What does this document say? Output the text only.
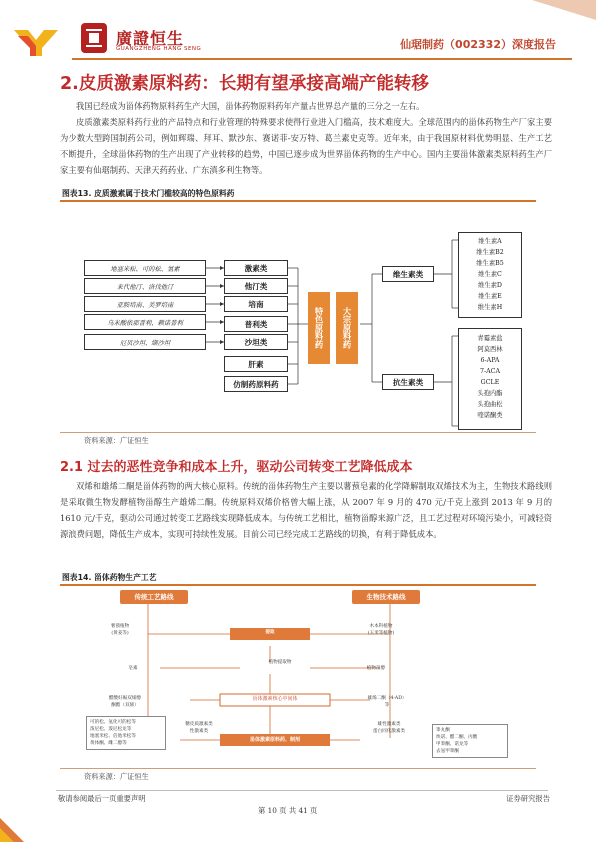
廣證恒生
GUANGZHENG HANG SENG	仙琚制药（002332）深度报告
2.皮质激素原料药：长期有望承接高端产能转移
我国已经成为甾体药物原料药生产大国，甾体药物原料药年产量占世界总产量的三分之一左右。
皮质激素类原料药行业的产品特点和行业管理的特殊要求使得行业进入门槛高，技术难度大。全球范围内的甾体药物生产厂家主要为少数大型跨国制药公司，例如辉瑞、拜耳、默沙东、赛诺菲-安万特、葛兰素史克等。近年来，由于我国原材料优势明显、生产工艺不断提升，全球甾体药物的生产出现了产业转移的趋势，中国已逐步成为世界甾体药物的生产中心。国内主要甾体激素类原料药生产厂家主要有仙琚制药、天津天药药业、广东滇多利生物等。
图表13. 皮质激素属于技术门槛较高的特色原料药
地塞米松、可的松、氢素
来代他汀、洛伐他汀
亚胺培南、美罗培南
乌米酸依那普利、赖诺普利
厄贝沙坦、缬沙坦
激素类
他汀类
培南
普利类
沙坦类
肝素
仿制药原料药
特色原料药	大宗原料药
维生素类
抗生素类
维生素A
维生素B2
维生素B5
维生素C
维生素D
维生素E
维生素H
青霉素盐
阿莫西林
6-APA
7-ACA
GCLE
头孢内酯
头孢曲松
喹诺酮类
资料来源：广证恒生
2.1 过去的恶性竞争和成本上升，驱动公司转变工艺降低成本
双烯和雄烯二酮是甾体药物的两大核心原料。传统的甾体药物生产主要以薯蓣皂素的化学降解制取双烯技术为主，生物技术路线则是采取微生物发酵植物甾醇生产雄烯二酮。传统原料双烯价格曾大幅上涨，从 2007 年 9 月的 470 元/千克上涨到 2013 年 9 月的 1610 元/千克，驱动公司通过转变工艺路线实现降低成本。与传统工艺相比，植物甾醇来源广泛，且工艺过程对环境污染小，可减轻资源浪费问题，降低生产成本，实现可持续性发展。目前公司已经完成工艺路线的切换，有利于降低成本。
图表14. 甾体药物生产工艺
传统工艺路线	生物技术路线
薯蓣植物
(黄姜等)
木本科植物
(玉米等植物)
提取
植物提取物
皂素	植物甾醇
醋酸妊娠双烯醇
酮酯（双烯）
甾体激素核心中间体	雄烯二酮（4-AD）
等
糖皮质激素类
性激素类
雄性激素类
蛋白同化激素类
甾体激素原料药、制剂
可的松、氢化可的松等
泼尼松、泼尼松龙等
地塞米松、倍他米松等
黄体酮、雌二醇等
睾丸酮
炔诺、醋二酮、丙酸
甲睾酮、诺龙等
去氢甲睾酮
资料来源：广证恒生
敬请参阅最后一页重要声明
第 10 页 共 41 页
证券研究报告
